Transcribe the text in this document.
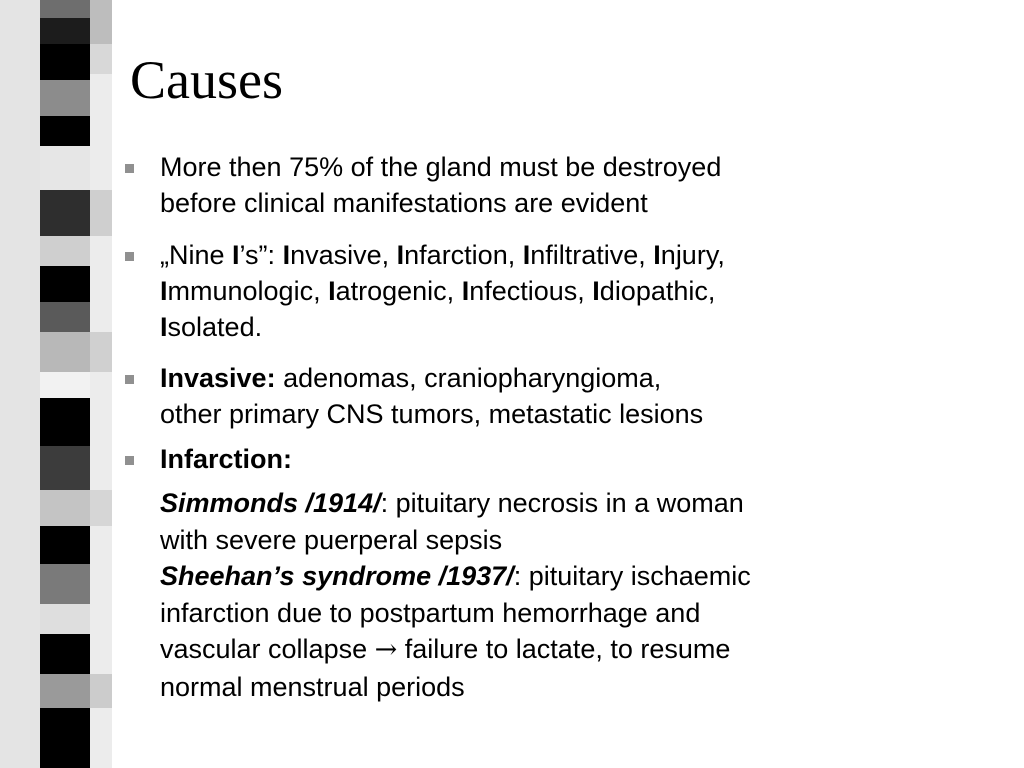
Causes
More then 75% of the gland must be destroyed
before clinical manifestations are evident
„Nine I’s”: Invasive, Infarction, Infiltrative, Injury,
Immunologic, Iatrogenic, Infectious, Idiopathic,
Isolated.
Invasive: adenomas, craniopharyngioma,
other primary CNS tumors, metastatic lesions
Infarction:
Simmonds /1914/: pituitary necrosis in a woman
with severe puerperal sepsis
Sheehan’s syndrome /1937/: pituitary ischaemic
infarction due to postpartum hemorrhage and
vascular collapse → failure to lactate, to resume
normal menstrual periods
